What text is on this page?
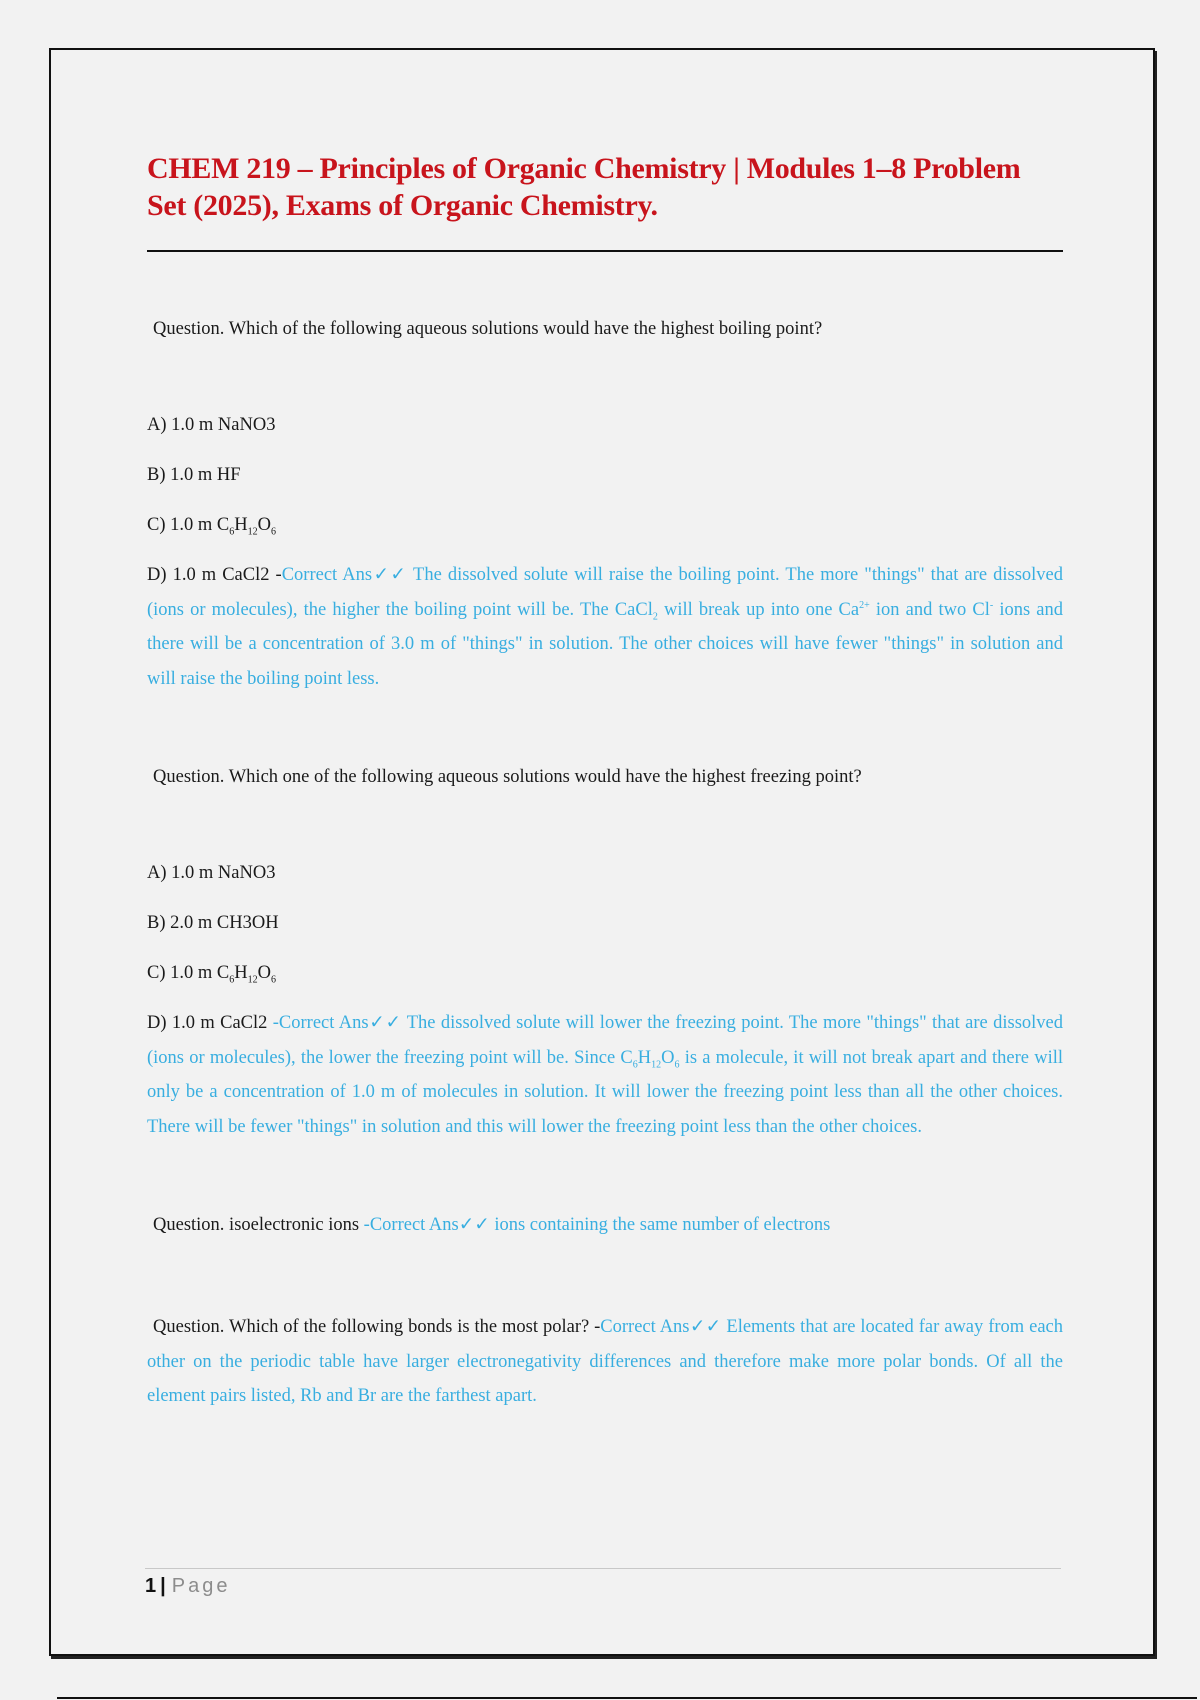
CHEM 219 – Principles of Organic Chemistry | Modules 1–8 Problem Set (2025), Exams of Organic Chemistry.

Question. Which of the following aqueous solutions would have the highest boiling point?

A) 1.0 m NaNO3

B) 1.0 m HF

C) 1.0 m $C_6H_{12}O_6$

D) 1.0 m CaCl2 -Correct Ans✓✓ The dissolved solute will raise the boiling point. The more "things" that are dissolved (ions or molecules), the higher the boiling point will be. The CaCl$_2$ will break up into one $Ca^{2+}$ ion and two Cl- ions and there will be a concentration of 3.0 m of "things" in solution. The other choices will have fewer "things" in solution and will raise the boiling point less.

Question. Which one of the following aqueous solutions would have the highest freezing point?

A) 1.0 m NaNO3

B) 2.0 m CH3OH

C) 1.0 m $C_6H_{12}O_6$

D) 1.0 m CaCl2 -Correct Ans✓✓ The dissolved solute will lower the freezing point. The more "things" that are dissolved (ions or molecules), the lower the freezing point will be. Since $C_6H_{12}O_6$ is a molecule, it will not break apart and there will only be a concentration of 1.0 m of molecules in solution. It will lower the freezing point less than all the other choices. There will be fewer "things" in solution and this will lower the freezing point less than the other choices.

Question. isoelectronic ions -Correct Ans✓✓ ions containing the same number of electrons

Question. Which of the following bonds is the most polar? -Correct Ans✓✓ Elements that are located far away from each other on the periodic table have larger electronegativity differences and therefore make more polar bonds. Of all the element pairs listed, Rb and Br are the farthest apart.

1 | Page
